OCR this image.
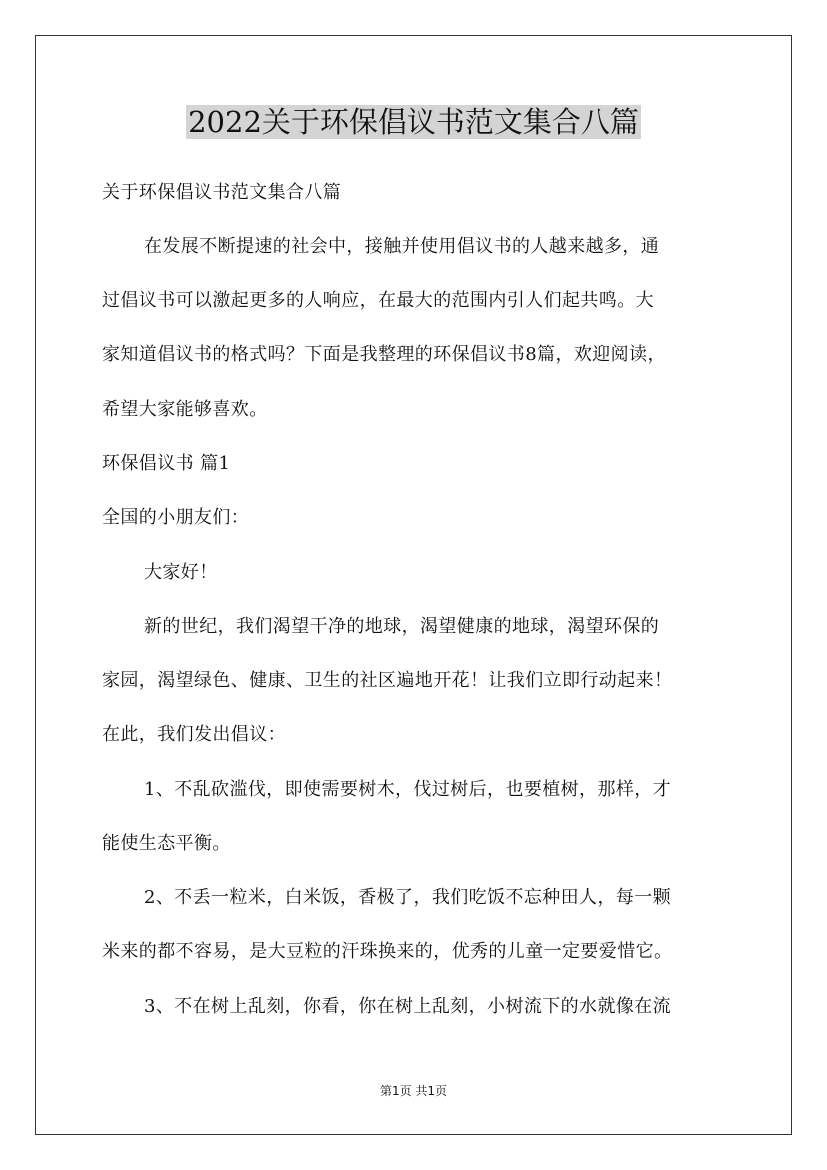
2022关于环保倡议书范文集合八篇
关于环保倡议书范文集合八篇
在发展不断提速的社会中，接触并使用倡议书的人越来越多，通
过倡议书可以激起更多的人响应，在最大的范围内引人们起共鸣。大
家知道倡议书的格式吗？下面是我整理的环保倡议书8篇，欢迎阅读，
希望大家能够喜欢。
环保倡议书 篇1
全国的小朋友们：
大家好！
新的世纪，我们渴望干净的地球，渴望健康的地球，渴望环保的
家园，渴望绿色、健康、卫生的社区遍地开花！让我们立即行动起来！
在此，我们发出倡议：
1、不乱砍滥伐，即使需要树木，伐过树后，也要植树，那样，才
能使生态平衡。
2、不丢一粒米，白米饭，香极了，我们吃饭不忘种田人，每一颗
米来的都不容易，是大豆粒的汗珠换来的，优秀的儿童一定要爱惜它。
3、不在树上乱刻，你看，你在树上乱刻，小树流下的水就像在流
第1页 共1页
